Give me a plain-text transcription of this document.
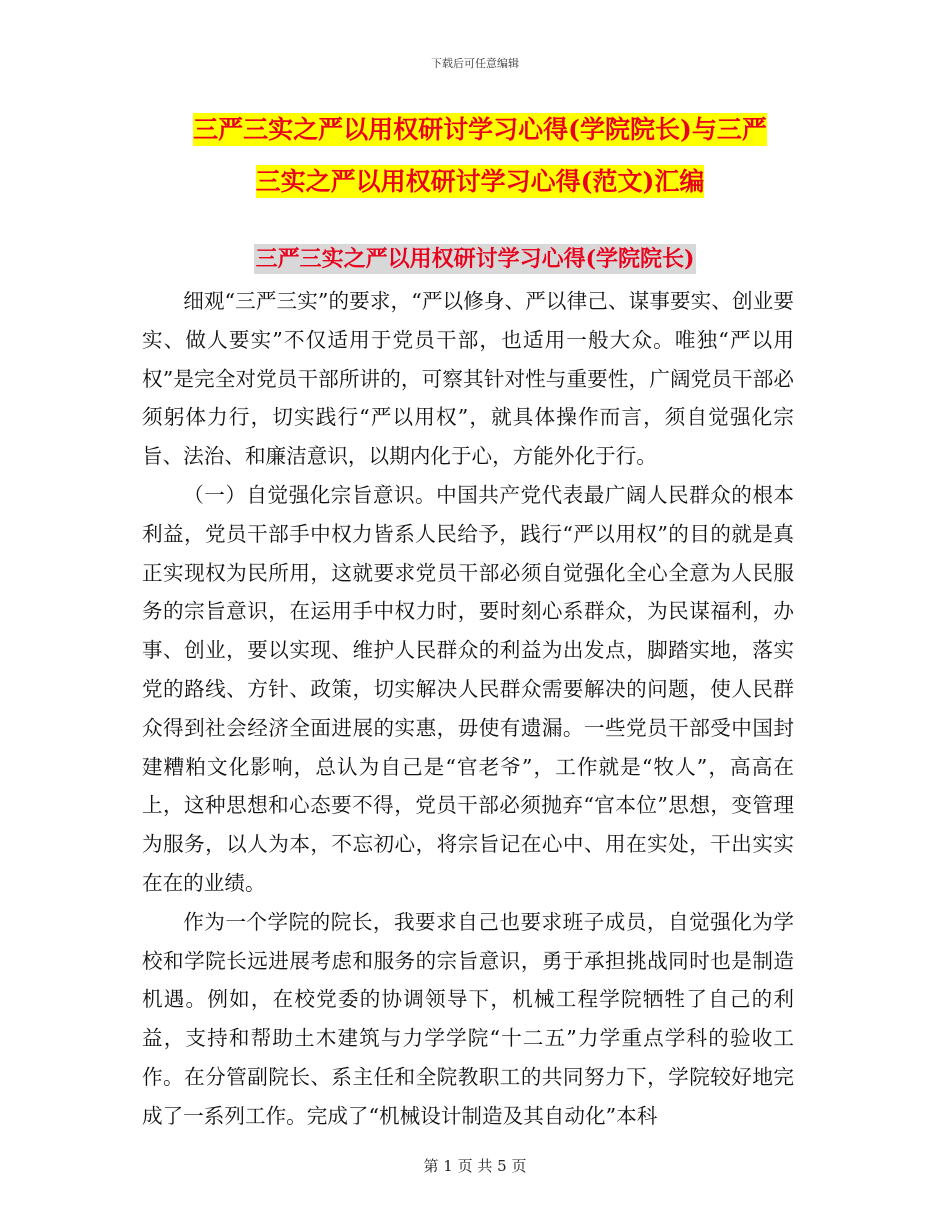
下载后可任意编辑
三严三实之严以用权研讨学习心得(学院院长)与三严
三实之严以用权研讨学习心得(范文)汇编
三严三实之严以用权研讨学习心得(学院院长)

细观“三严三实”的要求，“严以修身、严以律己、谋事要实、创业要实、做人要实”不仅适用于党员干部，也适用一般大众。唯独“严以用权”是完全对党员干部所讲的，可察其针对性与重要性，广阔党员干部必须躬体力行，切实践行“严以用权”，就具体操作而言，须自觉强化宗旨、法治、和廉洁意识，以期内化于心，方能外化于行。

（一）自觉强化宗旨意识。中国共产党代表最广阔人民群众的根本利益，党员干部手中权力皆系人民给予，践行“严以用权”的目的就是真正实现权为民所用，这就要求党员干部必须自觉强化全心全意为人民服务的宗旨意识，在运用手中权力时，要时刻心系群众，为民谋福利，办事、创业，要以实现、维护人民群众的利益为出发点，脚踏实地，落实党的路线、方针、政策，切实解决人民群众需要解决的问题，使人民群众得到社会经济全面进展的实惠，毋使有遗漏。一些党员干部受中国封建糟粕文化影响，总认为自己是“官老爷”，工作就是“牧人”，高高在上，这种思想和心态要不得，党员干部必须抛弃“官本位”思想，变管理为服务，以人为本，不忘初心，将宗旨记在心中、用在实处，干出实实在在的业绩。

作为一个学院的院长，我要求自己也要求班子成员，自觉强化为学校和学院长远进展考虑和服务的宗旨意识，勇于承担挑战同时也是制造机遇。例如，在校党委的协调领导下，机械工程学院牺牲了自己的利益，支持和帮助土木建筑与力学学院“十二五”力学重点学科的验收工作。在分管副院长、系主任和全院教职工的共同努力下，学院较好地完成了一系列工作。完成了“机械设计制造及其自动化”本科

第 1 页 共 5 页
